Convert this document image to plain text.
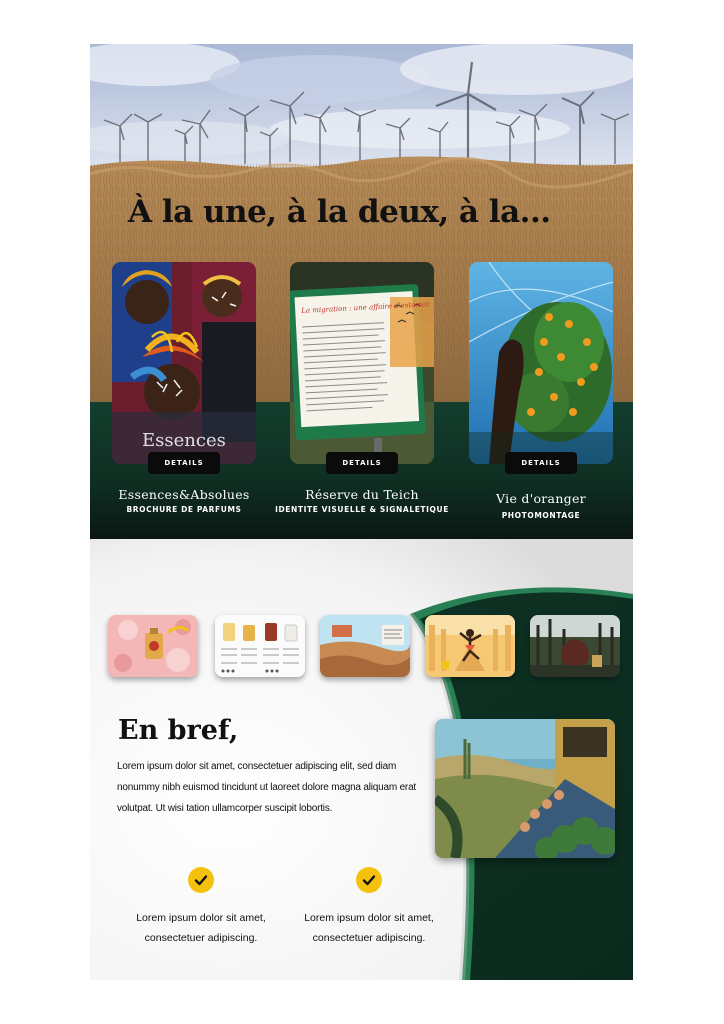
À la une, à la deux, à la...
Essences
DETAILS
Essences&Absolues
BROCHURE DE PARFUMS
La migration : une affaire d'estomac
DETAILS
Réserve du Teich
IDENTITE VISUELLE & SIGNALETIQUE
DETAILS
Vie d'oranger
PHOTOMONTAGE
En bref,

Lorem ipsum dolor sit amet, consectetuer adipiscing elit, sed diam nonummy nibh euismod tincidunt ut laoreet dolore magna aliquam erat volutpat. Ut wisi tation ullamcorper suscipit lobortis.

Lorem ipsum dolor sit amet, consectetuer adipiscing.

Lorem ipsum dolor sit amet, consectetuer adipiscing.
